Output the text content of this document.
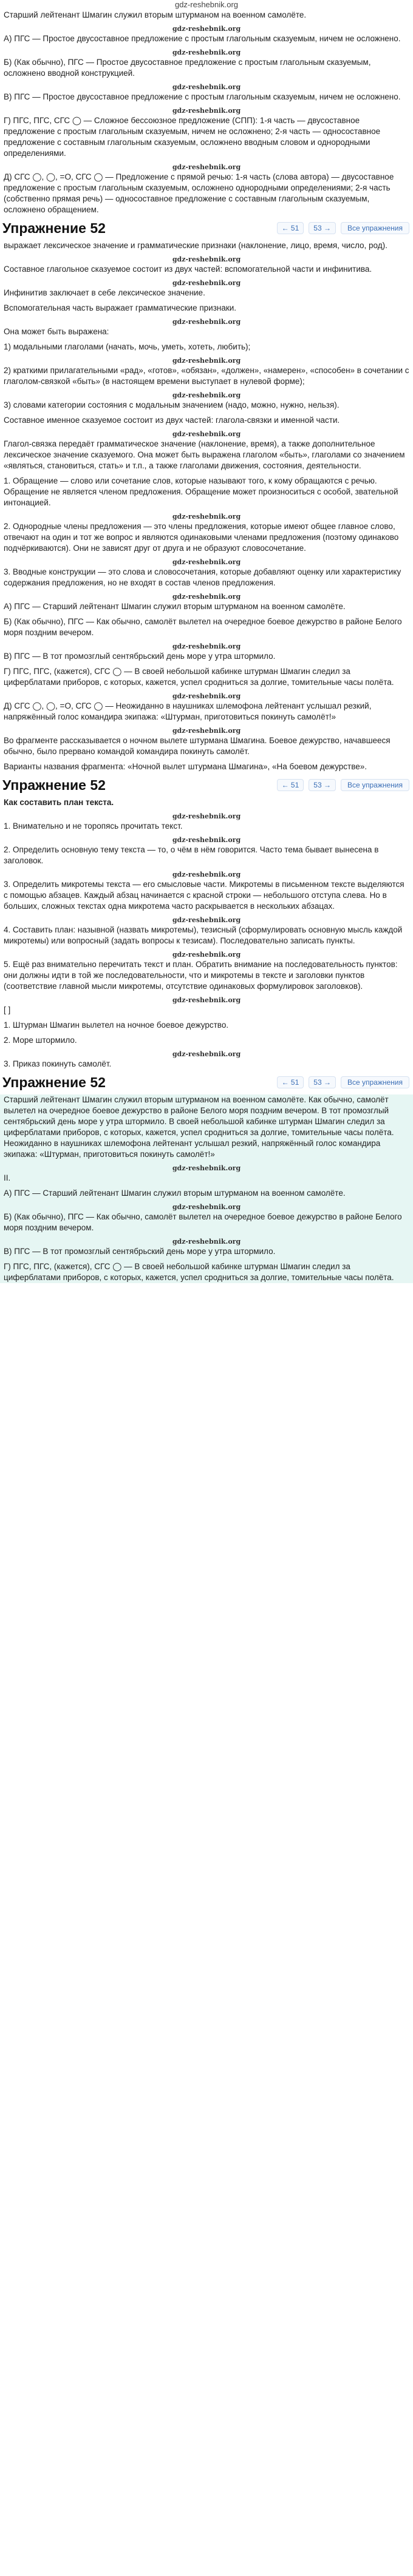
gdz-reshebnik.org

Старший лейтенант Шмагин служил вторым штурманом на военном самолёте.

gdz-reshebnik.org

А) ПГС — Простое двусоставное предложение с простым глагольным сказуемым, ничем не осложнено.

gdz-reshebnik.org

Б) (Как обычно), ПГС — Простое двусоставное предложение с простым глагольным сказуемым, осложнено вводной конструкцией.

gdz-reshebnik.org

В) ПГС — Простое двусоставное предложение с простым глагольным сказуемым, ничем не осложнено.

gdz-reshebnik.org

Г) ПГС, ПГС, СГС ◯ — Сложное бессоюзное предложение (СПП): 1-я часть — двусоставное предложение с простым глагольным сказуемым, ничем не осложнено; 2-я часть — односоставное предложение с составным глагольным сказуемым, осложнено вводным словом и однородными определениями.

gdz-reshebnik.org

Д) СГС ◯, ◯, =О, СГС ◯ — Предложение с прямой речью: 1-я часть (слова автора) — двусоставное предложение с простым глагольным сказуемым, осложнено однородными определениями; 2-я часть (собственно прямая речь) — односоставное предложение с составным глагольным сказуемым, осложнено обращением.

Упражнение 52	← 51	53 →	Все упражнения

выражает лексическое значение и грамматические признаки (наклонение, лицо, время, число, род).

gdz-reshebnik.org

Составное глагольное сказуемое состоит из двух частей: вспомогательной части и инфинитива.

gdz-reshebnik.org

Инфинитив заключает в себе лексическое значение.

Вспомогательная часть выражает грамматические признаки.

gdz-reshebnik.org

Она может быть выражена:

1) модальными глаголами (начать, мочь, уметь, хотеть, любить);

gdz-reshebnik.org

2) краткими прилагательными «рад», «готов», «обязан», «должен», «намерен», «способен» в сочетании с глаголом-связкой «быть» (в настоящем времени выступает в нулевой форме);

gdz-reshebnik.org

3) словами категории состояния с модальным значением (надо, можно, нужно, нельзя).

Составное именное сказуемое состоит из двух частей: глагола-связки и именной части.

gdz-reshebnik.org

Глагол-связка передаёт грамматическое значение (наклонение, время), а также дополнительное лексическое значение сказуемого. Она может быть выражена глаголом «быть», глаголами со значением «являться, становиться, стать» и т.п., а также глаголами движения, состояния, деятельности.

1. Обращение — слово или сочетание слов, которые называют того, к кому обращаются с речью. Обращение не является членом предложения. Обращение может произноситься с особой, звательной интонацией.

gdz-reshebnik.org

2. Однородные члены предложения — это члены предложения, которые имеют общее главное слово, отвечают на один и тот же вопрос и являются одинаковыми членами предложения (поэтому одинаково подчёркиваются). Они не зависят друг от друга и не образуют словосочетание.

gdz-reshebnik.org

3. Вводные конструкции — это слова и словосочетания, которые добавляют оценку или характеристику содержания предложения, но не входят в состав членов предложения.

gdz-reshebnik.org

А) ПГС — Старший лейтенант Шмагин служил вторым штурманом на военном самолёте.

Б) (Как обычно), ПГС — Как обычно, самолёт вылетел на очередное боевое дежурство в районе Белого моря поздним вечером.

gdz-reshebnik.org

В) ПГС — В тот промозглый сентябрьский день море у утра штормило.

Г) ПГС, ПГС, (кажется), СГС ◯ — В своей небольшой кабинке штурман Шмагин следил за циферблатами приборов, с которых, кажется, успел сродниться за долгие, томительные часы полёта.

gdz-reshebnik.org

Д) СГС ◯, ◯, =О, СГС ◯ — Неожиданно в наушниках шлемофона лейтенант услышал резкий, напряжённый голос командира экипажа: «Штурман, приготовиться покинуть самолёт!»

gdz-reshebnik.org

Во фрагменте рассказывается о ночном вылете штурмана Шмагина. Боевое дежурство, начавшееся обычно, было прервано командой командира покинуть самолёт.

Варианты названия фрагмента: «Ночной вылет штурмана Шмагина», «На боевом дежурстве».

Упражнение 52	← 51	53 →	Все упражнения

Как составить план текста.

gdz-reshebnik.org

1. Внимательно и не торопясь прочитать текст.

gdz-reshebnik.org

2. Определить основную тему текста — то, о чём в нём говорится. Часто тема бывает вынесена в заголовок.

gdz-reshebnik.org

3. Определить микротемы текста — его смысловые части. Микротемы в письменном тексте выделяются с помощью абзацев. Каждый абзац начинается с красной строки — небольшого отступа слева. Но в больших, сложных текстах одна микротема часто раскрывается в нескольких абзацах.

gdz-reshebnik.org

4. Составить план: назывной (назвать микротемы), тезисный (сформулировать основную мысль каждой микротемы) или вопросный (задать вопросы к тезисам). Последовательно записать пункты.

gdz-reshebnik.org

5. Ещё раз внимательно перечитать текст и план. Обратить внимание на последовательность пунктов: они должны идти в той же последовательности, что и микротемы в тексте и заголовки пунктов (соответствие главной мысли микротемы, отсутствие одинаковых формулировок заголовков).

gdz-reshebnik.org

[ ]

1. Штурман Шмагин вылетел на ночное боевое дежурство.

2. Море штормило.

gdz-reshebnik.org

3. Приказ покинуть самолёт.

Упражнение 52	← 51	53 →	Все упражнения

Старший лейтенант Шмагин служил вторым штурманом на военном самолёте. Как обычно, самолёт вылетел на очередное боевое дежурство в районе Белого моря поздним вечером. В тот промозглый сентябрьский день море у утра штормило. В своей небольшой кабинке штурман Шмагин следил за циферблатами приборов, с которых, кажется, успел сродниться за долгие, томительные часы полёта. Неожиданно в наушниках шлемофона лейтенант услышал резкий, напряжённый голос командира экипажа: «Штурман, приготовиться покинуть самолёт!»

gdz-reshebnik.org

II.

А) ПГС — Старший лейтенант Шмагин служил вторым штурманом на военном самолёте.

gdz-reshebnik.org

Б) (Как обычно), ПГС — Как обычно, самолёт вылетел на очередное боевое дежурство в районе Белого моря поздним вечером.

gdz-reshebnik.org

В) ПГС — В тот промозглый сентябрьский день море у утра штормило.

Г) ПГС, ПГС, (кажется), СГС ◯ — В своей небольшой кабинке штурман Шмагин следил за циферблатами приборов, с которых, кажется, успел сродниться за долгие, томительные часы полёта.
